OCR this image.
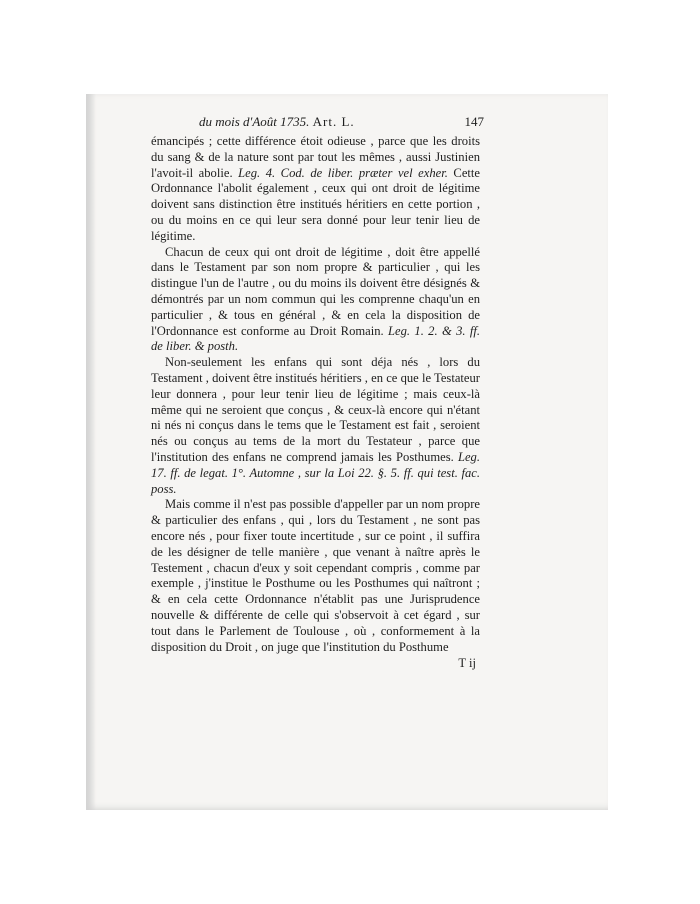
du mois d'Août 1735. Art. L.	147

émancipés ; cette différence étoit odieuse , parce que les droits du sang & de la nature sont par tout les mêmes , aussi Justinien l'avoit-il abolie. Leg. 4. Cod. de liber. præter vel exher. Cette Ordonnance l'abolit également , ceux qui ont droit de légitime doivent sans distinction être institués héritiers en cette portion , ou du moins en ce qui leur sera donné pour leur tenir lieu de légitime.

Chacun de ceux qui ont droit de légitime , doit être appellé dans le Testament par son nom propre & particulier , qui les distingue l'un de l'autre , ou du moins ils doivent être désignés & démontrés par un nom commun qui les comprenne chaqu'un en particulier , & tous en général , & en cela la disposition de l'Ordonnance est conforme au Droit Romain. Leg. 1. 2. & 3. ff. de liber. & posth.

Non-seulement les enfans qui sont déja nés , lors du Testament , doivent être institués héritiers , en ce que le Testateur leur donnera , pour leur tenir lieu de légitime ; mais ceux-là même qui ne seroient que conçus , & ceux-là encore qui n'étant ni nés ni conçus dans le tems que le Testament est fait , seroient nés ou conçus au tems de la mort du Testateur , parce que l'institution des enfans ne comprend jamais les Posthumes. Leg. 17. ff. de legat. 1°. Automne , sur la Loi 22. §. 5. ff. qui test. fac. poss.

Mais comme il n'est pas possible d'appeller par un nom propre & particulier des enfans , qui , lors du Testament , ne sont pas encore nés , pour fixer toute incertitude , sur ce point , il suffira de les désigner de telle manière , que venant à naître après le Testement , chacun d'eux y soit cependant compris , comme par exemple , j'institue le Posthume ou les Posthumes qui naîtront ; & en cela cette Ordonnance n'établit pas une Jurisprudence nouvelle & différente de celle qui s'observoit à cet égard , sur tout dans le Parlement de Toulouse , où , conformement à la disposition du Droit , on juge que l'institution du Posthume

T ij
